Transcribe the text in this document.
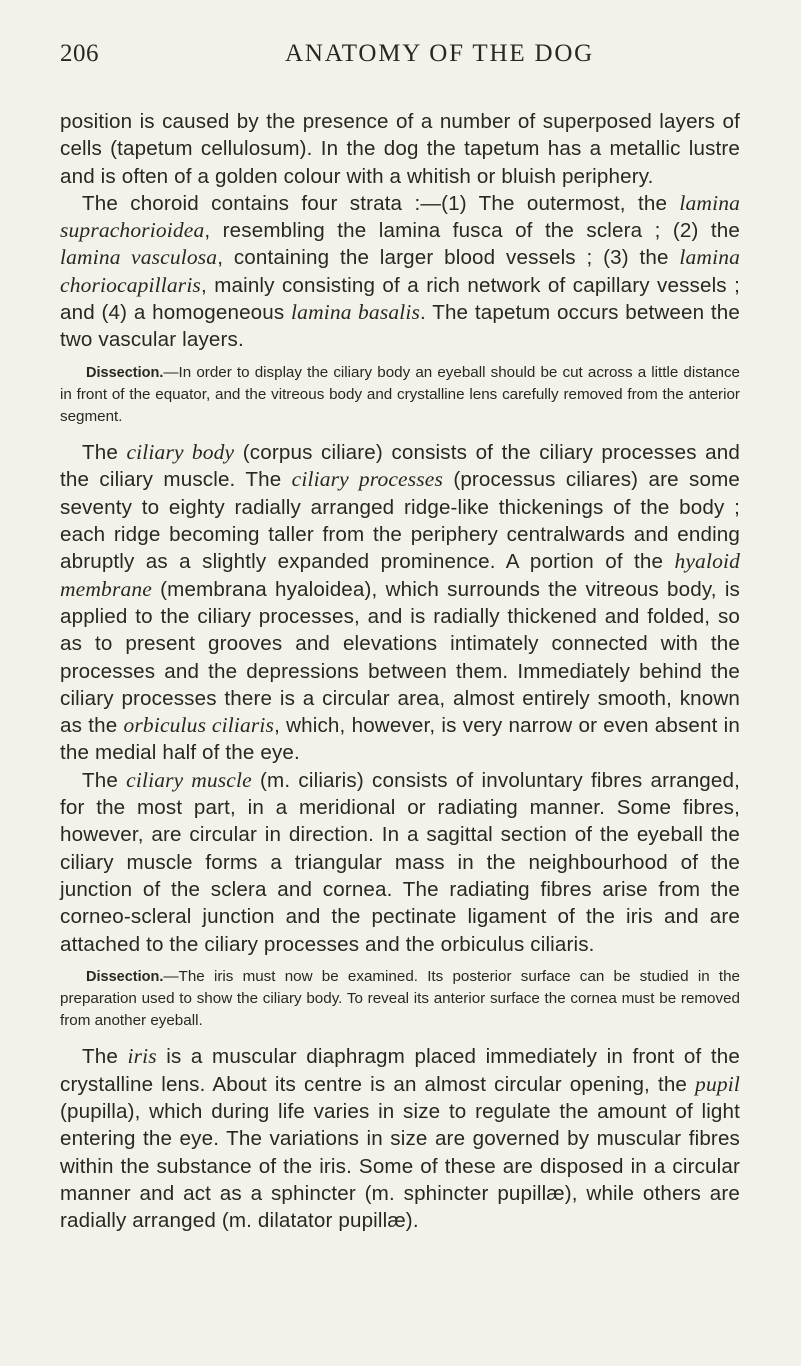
206	ANATOMY OF THE DOG

position is caused by the presence of a number of superposed layers of cells (tapetum cellulosum). In the dog the tapetum has a metallic lustre and is often of a golden colour with a whitish or bluish periphery.

The choroid contains four strata :—(1) The outermost, the lamina suprachorioidea, resembling the lamina fusca of the sclera ; (2) the lamina vasculosa, containing the larger blood vessels ; (3) the lamina choriocapillaris, mainly consisting of a rich network of capillary vessels ; and (4) a homogeneous lamina basalis. The tapetum occurs between the two vascular layers.

Dissection.—In order to display the ciliary body an eyeball should be cut across a little distance in front of the equator, and the vitreous body and crystalline lens carefully removed from the anterior segment.

The ciliary body (corpus ciliare) consists of the ciliary processes and the ciliary muscle. The ciliary processes (processus ciliares) are some seventy to eighty radially arranged ridge-like thickenings of the body ; each ridge becoming taller from the periphery centralwards and ending abruptly as a slightly expanded prominence. A portion of the hyaloid membrane (membrana hyaloidea), which surrounds the vitreous body, is applied to the ciliary processes, and is radially thickened and folded, so as to present grooves and elevations intimately connected with the processes and the depressions between them. Immediately behind the ciliary processes there is a circular area, almost entirely smooth, known as the orbiculus ciliaris, which, however, is very narrow or even absent in the medial half of the eye.

The ciliary muscle (m. ciliaris) consists of involuntary fibres arranged, for the most part, in a meridional or radiating manner. Some fibres, however, are circular in direction. In a sagittal section of the eyeball the ciliary muscle forms a triangular mass in the neighbourhood of the junction of the sclera and cornea. The radiating fibres arise from the corneo-scleral junction and the pectinate ligament of the iris and are attached to the ciliary processes and the orbiculus ciliaris.

Dissection.—The iris must now be examined. Its posterior surface can be studied in the preparation used to show the ciliary body. To reveal its anterior surface the cornea must be removed from another eyeball.

The iris is a muscular diaphragm placed immediately in front of the crystalline lens. About its centre is an almost circular opening, the pupil (pupilla), which during life varies in size to regulate the amount of light entering the eye. The variations in size are governed by muscular fibres within the substance of the iris. Some of these are disposed in a circular manner and act as a sphincter (m. sphincter pupillæ), while others are radially arranged (m. dilatator pupillæ).
